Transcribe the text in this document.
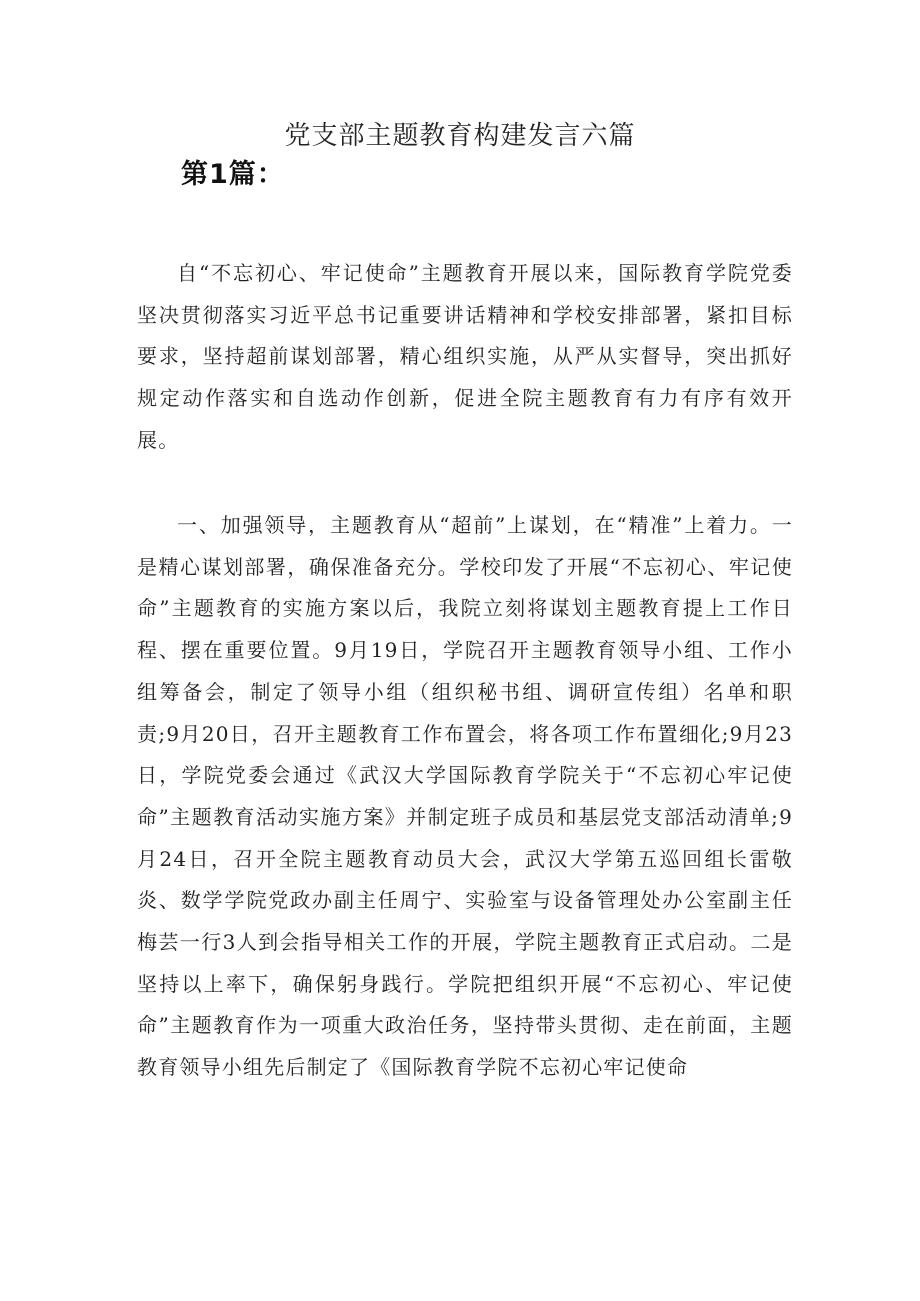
党支部主题教育构建发言六篇
第1篇：

自“不忘初心、牢记使命”主题教育开展以来，国际教育学院党委坚决贯彻落实习近平总书记重要讲话精神和学校安排部署，紧扣目标要求，坚持超前谋划部署，精心组织实施，从严从实督导，突出抓好规定动作落实和自选动作创新，促进全院主题教育有力有序有效开展。

一、加强领导，主题教育从“超前”上谋划，在“精准”上着力。一是精心谋划部署，确保准备充分。学校印发了开展“不忘初心、牢记使命”主题教育的实施方案以后，我院立刻将谋划主题教育提上工作日程、摆在重要位置。9月19日，学院召开主题教育领导小组、工作小组筹备会，制定了领导小组（组织秘书组、调研宣传组）名单和职责;9月20日，召开主题教育工作布置会，将各项工作布置细化;9月23日，学院党委会通过《武汉大学国际教育学院关于“不忘初心牢记使命”主题教育活动实施方案》并制定班子成员和基层党支部活动清单;9月24日，召开全院主题教育动员大会，武汉大学第五巡回组长雷敬炎、数学学院党政办副主任周宁、实验室与设备管理处办公室副主任梅芸一行3人到会指导相关工作的开展，学院主题教育正式启动。二是坚持以上率下，确保躬身践行。学院把组织开展“不忘初心、牢记使命”主题教育作为一项重大政治任务，坚持带头贯彻、走在前面，主题教育领导小组先后制定了《国际教育学院不忘初心牢记使命
